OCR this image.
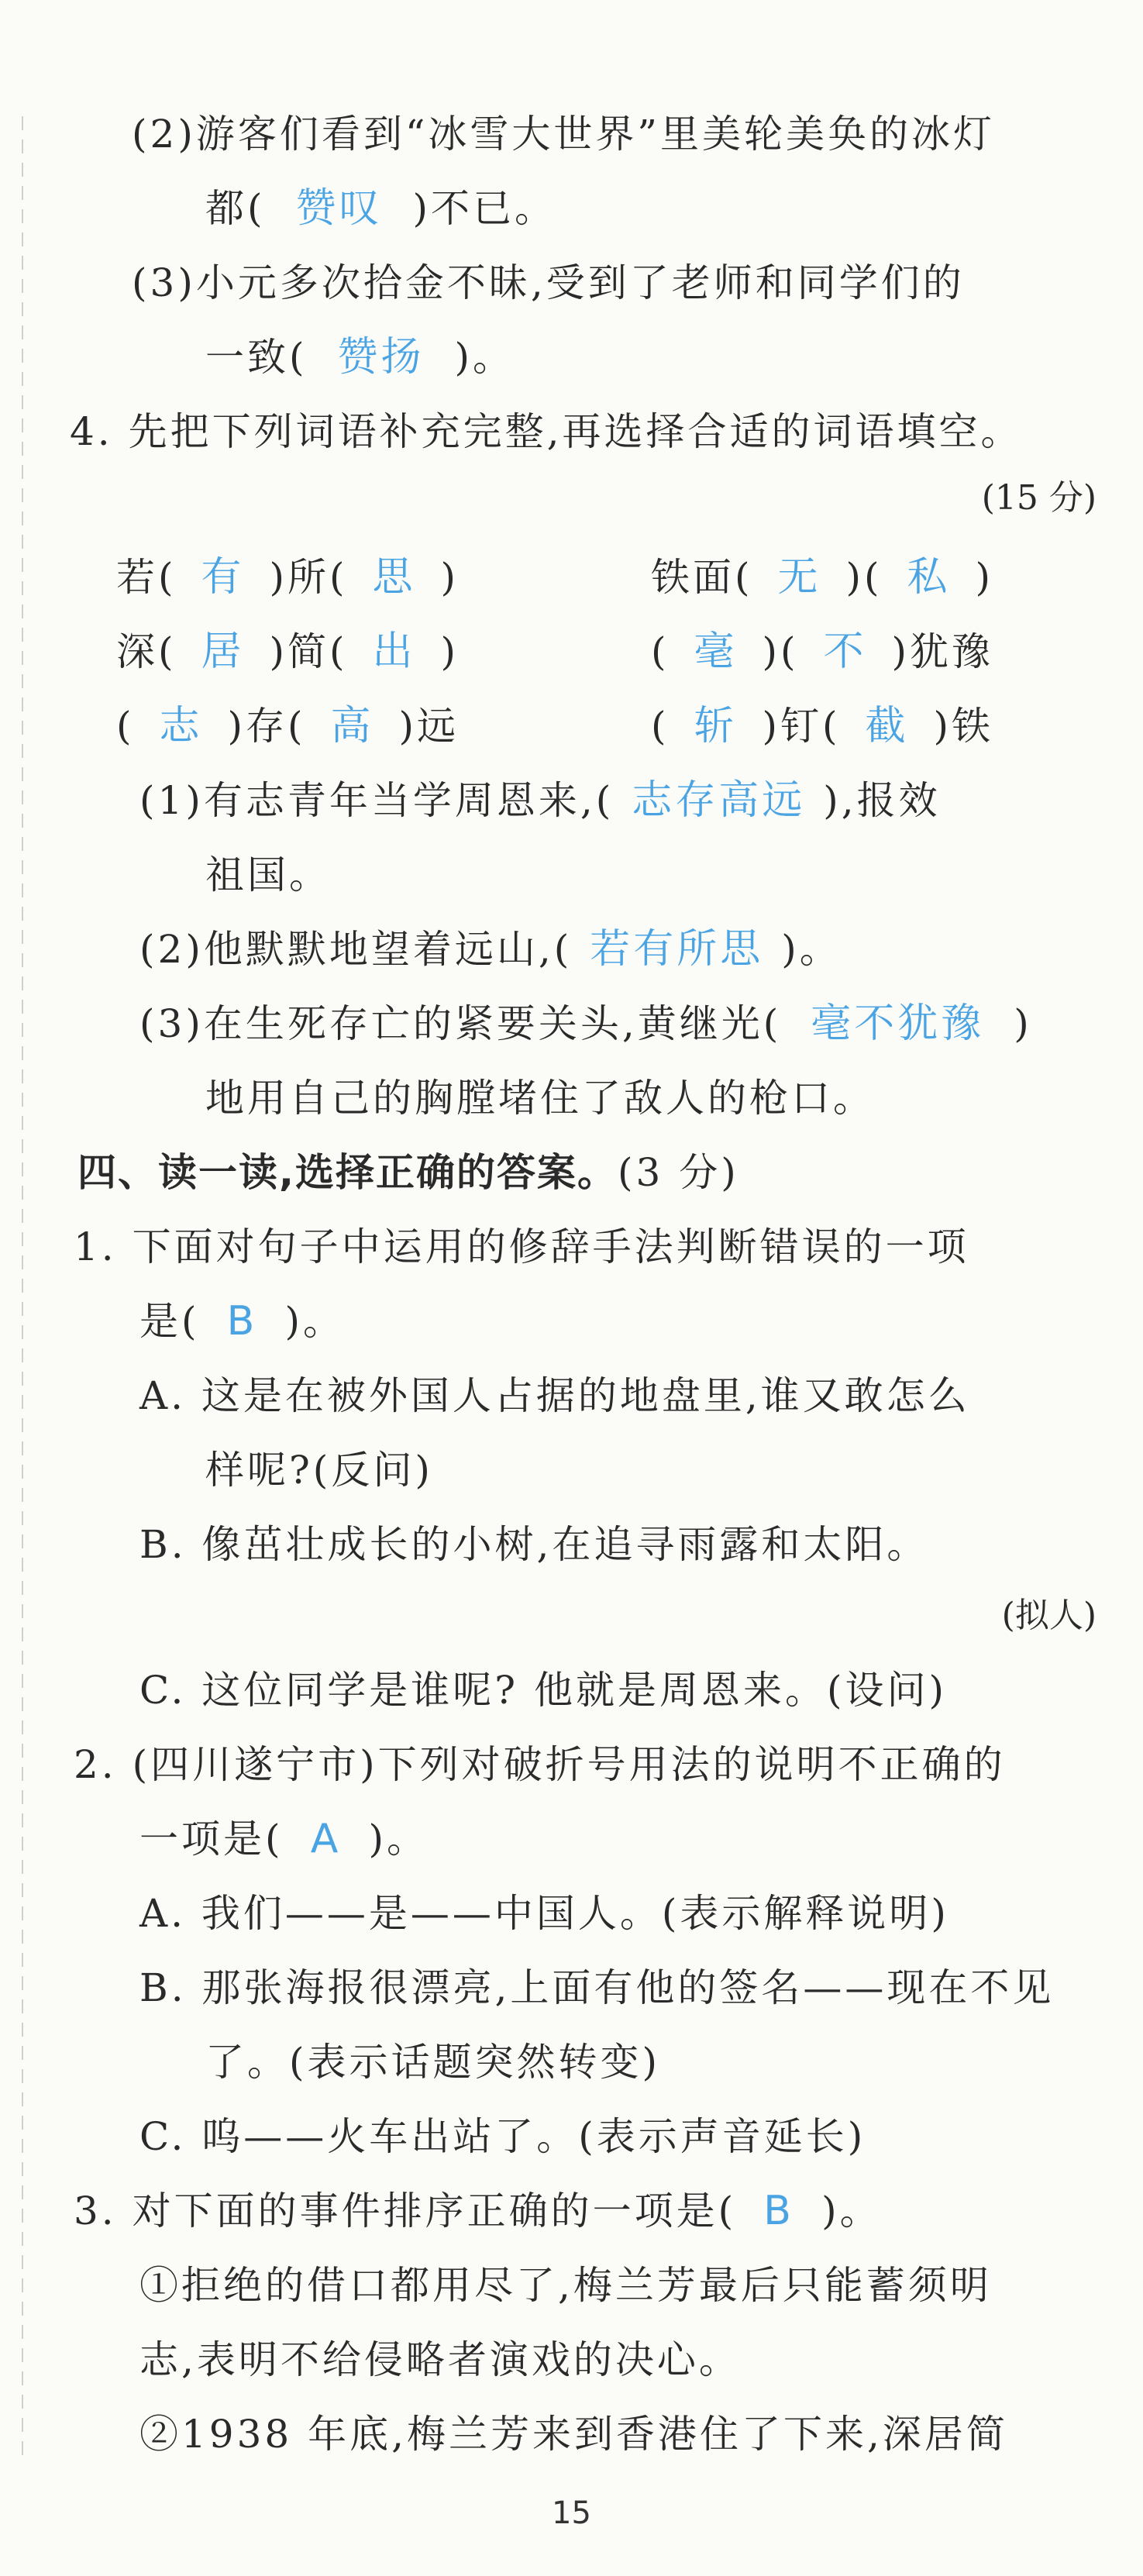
(2)游客们看到“冰雪大世界”里美轮美奂的冰灯
都( 赞叹 )不已。
(3)小元多次拾金不昧,受到了老师和同学们的
一致( 赞扬 )。
4. 先把下列词语补充完整,再选择合适的词语填空。
(15 分)
若( 有 )所( 思 )	铁面( 无 )( 私 )
深( 居 )简( 出 )	( 毫 )( 不 )犹豫
( 志 )存( 高 )远	( 斩 )钉( 截 )铁
(1)有志青年当学周恩来,( 志存高远 ),报效
祖国。
(2)他默默地望着远山,( 若有所思 )。
(3)在生死存亡的紧要关头,黄继光( 毫不犹豫 )
地用自己的胸膛堵住了敌人的枪口。
四、读一读,选择正确的答案。(3 分)
1. 下面对句子中运用的修辞手法判断错误的一项
是( B )。
A. 这是在被外国人占据的地盘里,谁又敢怎么
样呢?(反问)
B. 像茁壮成长的小树,在追寻雨露和太阳。
(拟人)
C. 这位同学是谁呢? 他就是周恩来。(设问)
2. (四川遂宁市)下列对破折号用法的说明不正确的
一项是( A )。
A. 我们——是——中国人。(表示解释说明)
B. 那张海报很漂亮,上面有他的签名——现在不见
了。(表示话题突然转变)
C. 呜——火车出站了。(表示声音延长)
3. 对下面的事件排序正确的一项是( B )。
①拒绝的借口都用尽了,梅兰芳最后只能蓄须明
志,表明不给侵略者演戏的决心。
②1938 年底,梅兰芳来到香港住了下来,深居简
15
